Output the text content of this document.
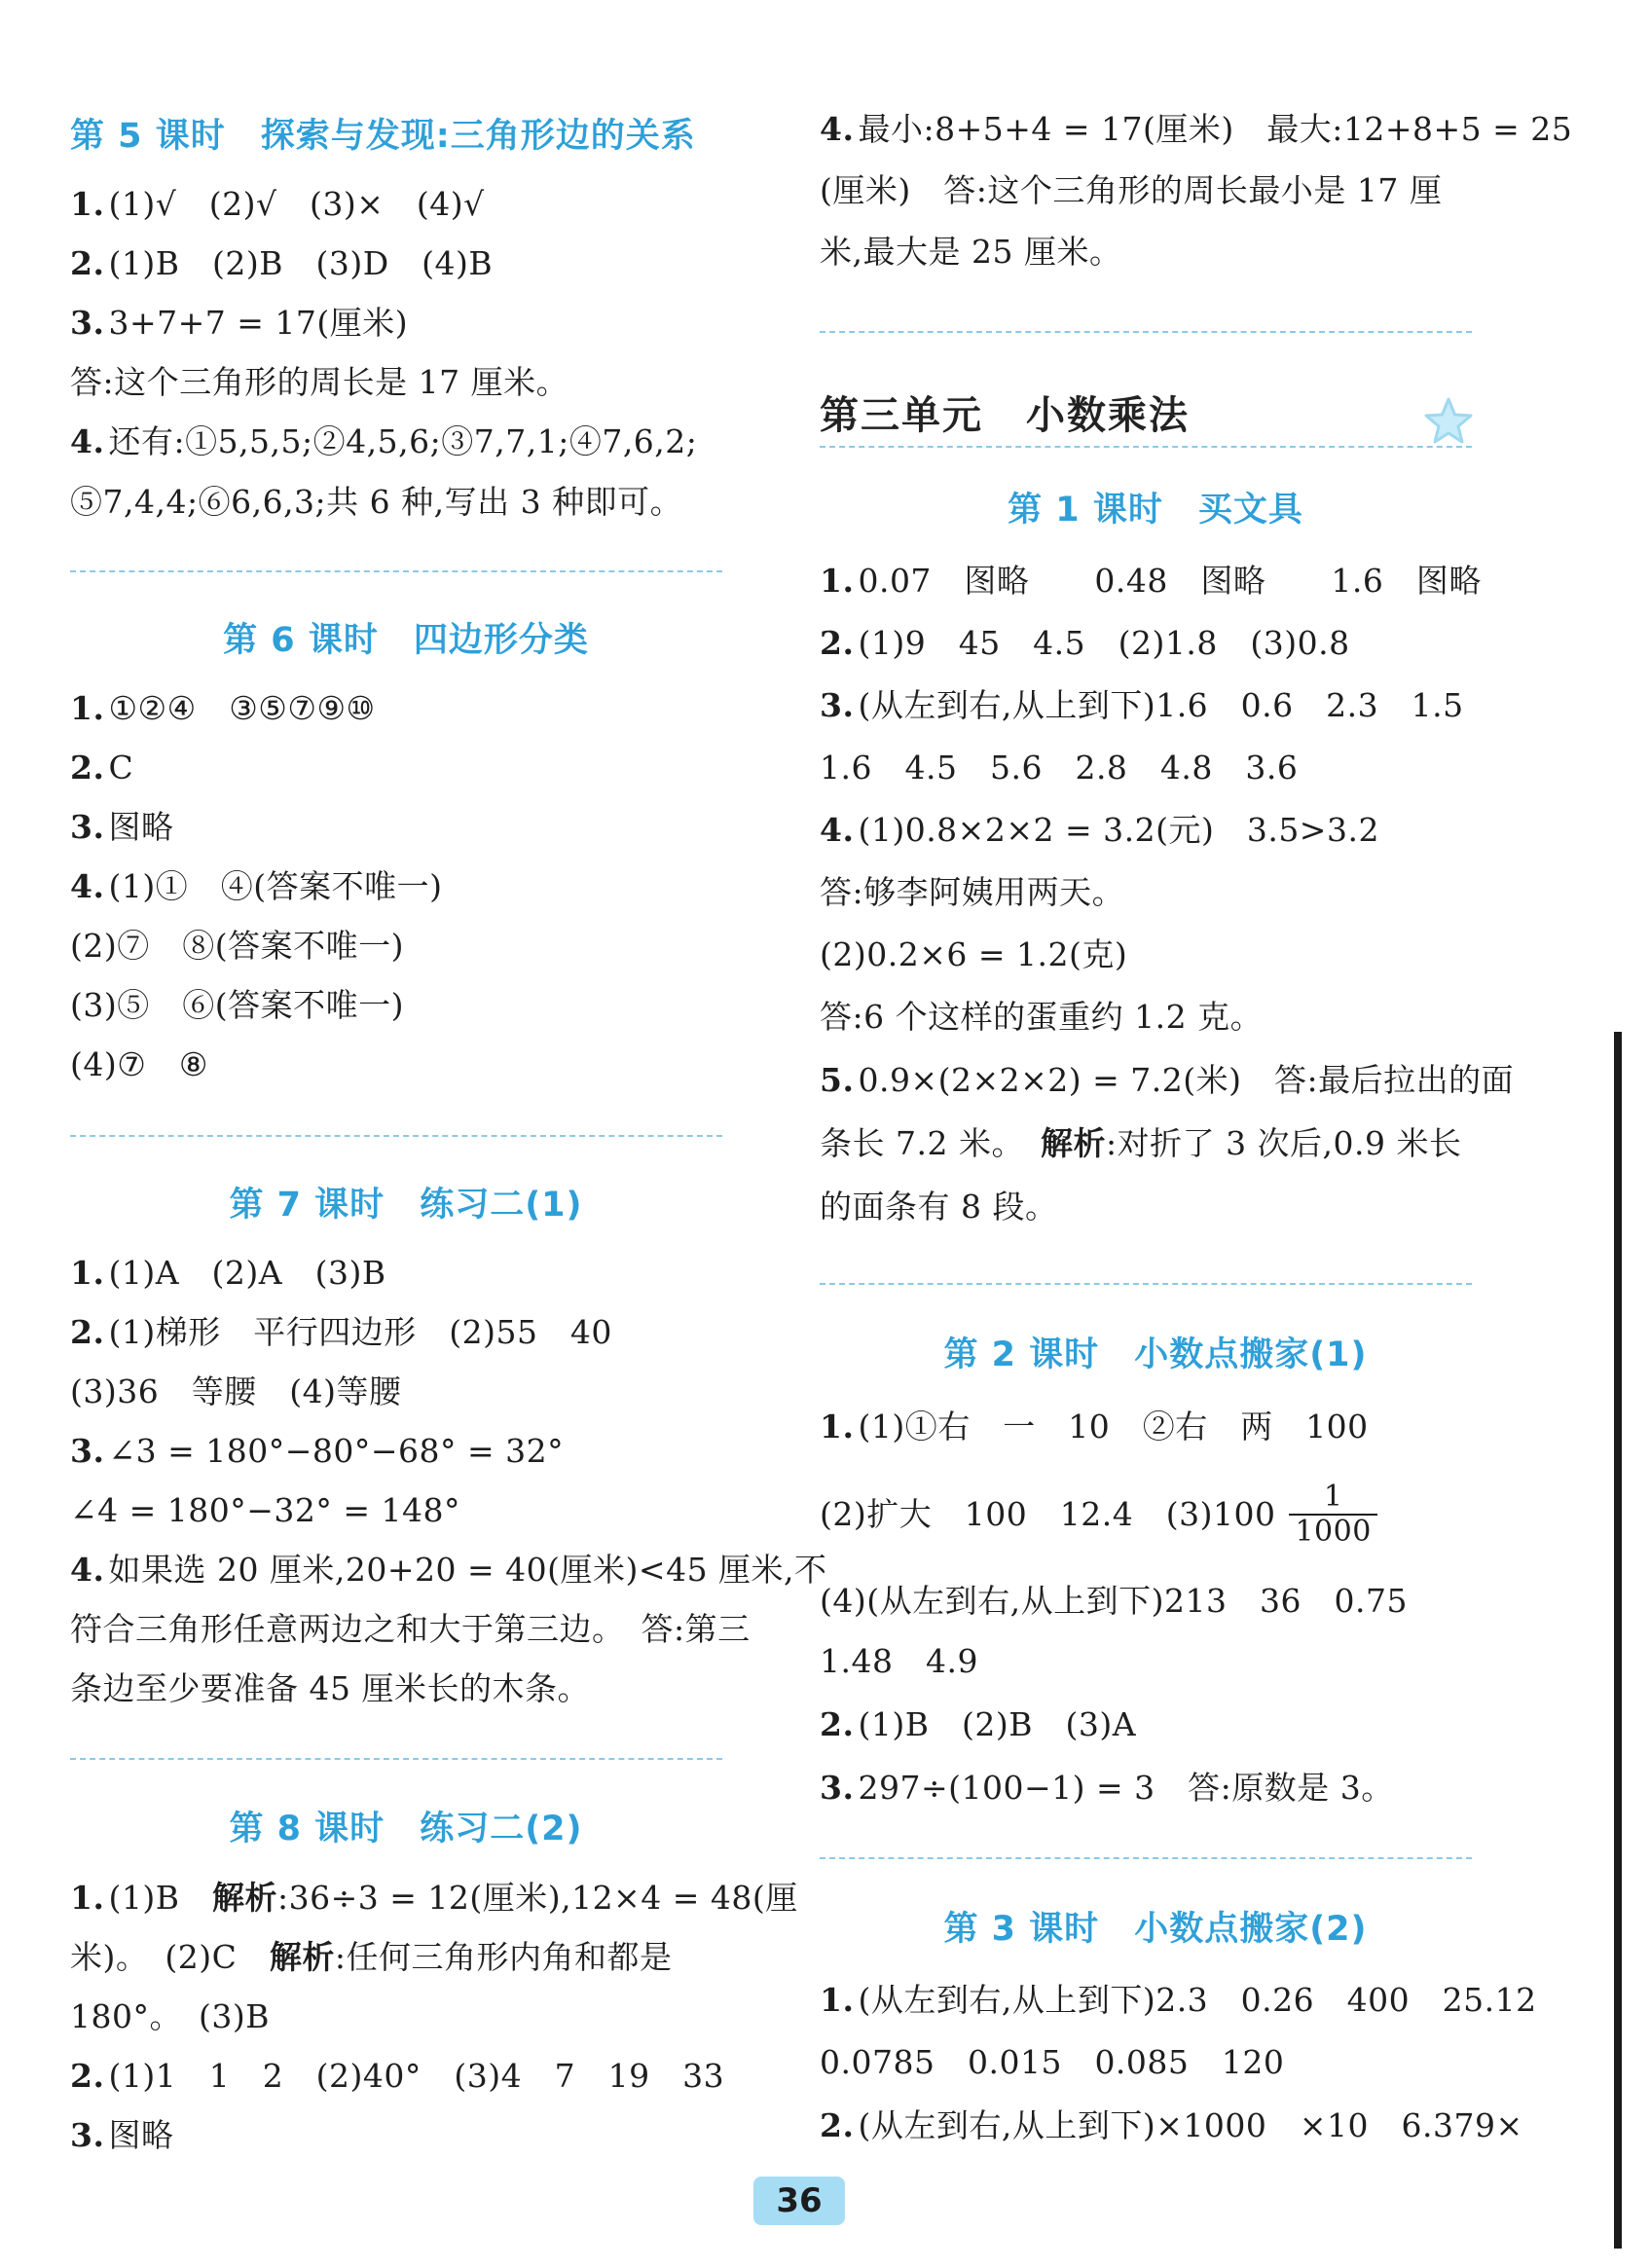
第 5 课时 探索与发现:三角形边的关系
1. (1)√　(2)√　(3)×　(4)√
2. (1)B　(2)B　(3)D　(4)B
3. 3+7+7 = 17(厘米)
答:这个三角形的周长是 17 厘米。
4. 还有:①5,5,5;②4,5,6;③7,7,1;④7,6,2;
⑤7,4,4;⑥6,6,3;共 6 种,写出 3 种即可。
第 6 课时 四边形分类
1. ①②④　③⑤⑦⑨⑩
2. C
3. 图略
4. (1)①　④(答案不唯一)
(2)⑦　⑧(答案不唯一)
(3)⑤　⑥(答案不唯一)
(4)⑦　⑧
第 7 课时 练习二(1)
1. (1)A　(2)A　(3)B
2. (1)梯形　平行四边形　(2)55　40
(3)36　等腰　(4)等腰
3. ∠3 = 180°−80°−68° = 32°
∠4 = 180°−32° = 148°
4. 如果选 20 厘米,20+20 = 40(厘米)<45 厘米,不
符合三角形任意两边之和大于第三边。　答:第三
条边至少要准备 45 厘米长的木条。
第 8 课时 练习二(2)
1. (1)B　解析:36÷3 = 12(厘米),12×4 = 48(厘
米)。　(2)C　解析:任何三角形内角和都是
180°。　(3)B
2. (1)1　1　2　(2)40°　(3)4　7　19　33
3. 图略
4. 最小:8+5+4 = 17(厘米)　最大:12+8+5 = 25
(厘米)　答:这个三角形的周长最小是 17 厘
米,最大是 25 厘米。
第三单元 小数乘法
第 1 课时 买文具
1. 0.07　图略　　0.48　图略　　1.6　图略
2. (1)9　45　4.5　(2)1.8　(3)0.8
3. (从左到右,从上到下)1.6　0.6　2.3　1.5
1.6　4.5　5.6　2.8　4.8　3.6
4. (1)0.8×2×2 = 3.2(元)　3.5>3.2
答:够李阿姨用两天。
(2)0.2×6 = 1.2(克)
答:6 个这样的蛋重约 1.2 克。
5. 0.9×(2×2×2) = 7.2(米)　答:最后拉出的面
条长 7.2 米。　解析:对折了 3 次后,0.9 米长
的面条有 8 段。
第 2 课时 小数点搬家(1)
1. (1)①右　一　10　②右　两　100
(2)扩大　100　12.4　$(3)100 \frac{1}{1000}$
(4)(从左到右,从上到下)213　36　0.75
1.48　4.9
2. (1)B　(2)B　(3)A
3. 297÷(100−1) = 3　答:原数是 3。
第 3 课时 小数点搬家(2)
1. (从左到右,从上到下)2.3　0.26　400　25.12
0.0785　0.015　0.085　120
2. (从左到右,从上到下)×1000　×10　6.379×
36
